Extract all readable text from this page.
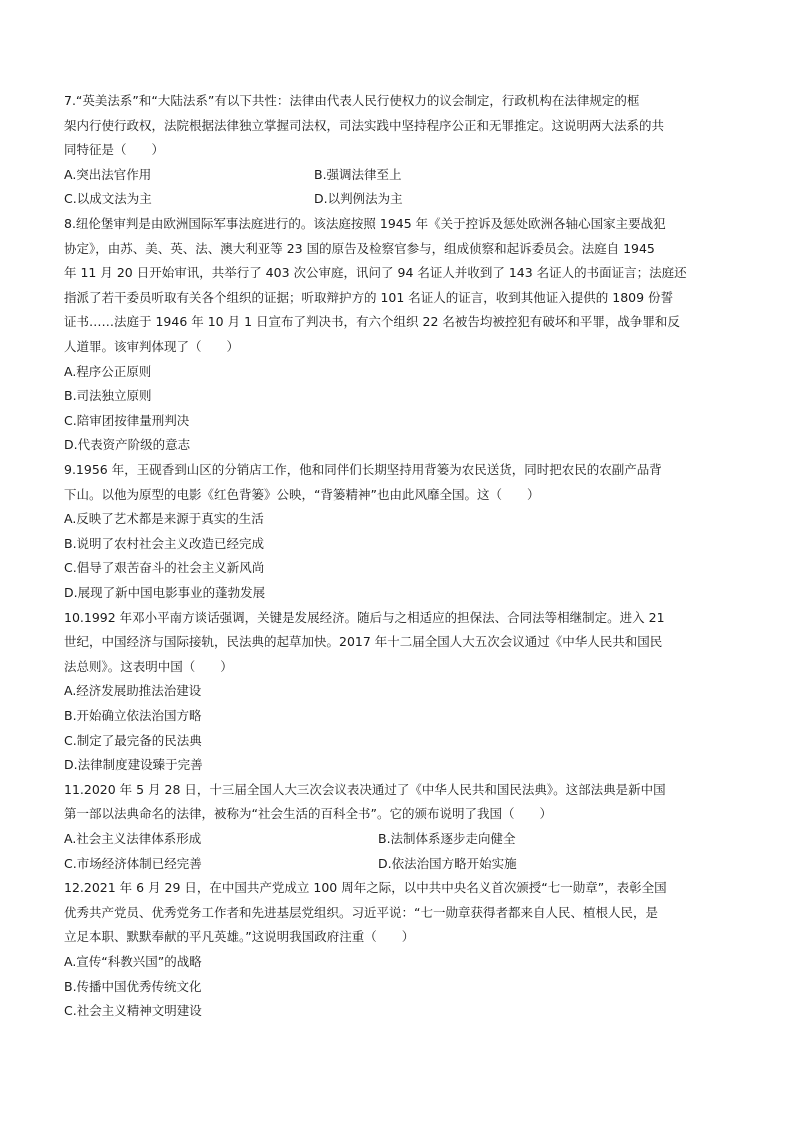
7.“英美法系”和“大陆法系”有以下共性：法律由代表人民行使权力的议会制定，行政机构在法律规定的框
架内行使行政权，法院根据法律独立掌握司法权，司法实践中坚持程序公正和无罪推定。这说明两大法系的共
同特征是（　　）
A.突出法官作用	B.强调法律至上
C.以成文法为主	D.以判例法为主
8.纽伦堡审判是由欧洲国际军事法庭进行的。该法庭按照 1945 年《关于控诉及惩处欧洲各轴心国家主要战犯
协定》，由苏、美、英、法、澳大利亚等 23 国的原告及检察官参与，组成侦察和起诉委员会。法庭自 1945
年 11 月 20 日开始审讯，共举行了 403 次公审庭，讯问了 94 名证人并收到了 143 名证人的书面证言；法庭还
指派了若干委员听取有关各个组织的证据；听取辩护方的 101 名证人的证言，收到其他证入提供的 1809 份誓
证书……法庭于 1946 年 10 月 1 日宣布了判决书，有六个组织 22 名被告均被控犯有破坏和平罪，战争罪和反
人道罪。该审判体现了（　　）
A.程序公正原则
B.司法独立原则
C.陪审团按律量刑判决
D.代表资产阶级的意志
9.1956 年，王砚香到山区的分销店工作，他和同伴们长期坚持用背篓为农民送货，同时把农民的农副产品背
下山。以他为原型的电影《红色背篓》公映，“背篓精神”也由此风靡全国。这（　　）
A.反映了艺术都是来源于真实的生活
B.说明了农村社会主义改造已经完成
C.倡导了艰苦奋斗的社会主义新风尚
D.展现了新中国电影事业的蓬勃发展
10.1992 年邓小平南方谈话强调，关键是发展经济。随后与之相适应的担保法、合同法等相继制定。进入 21
世纪，中国经济与国际接轨，民法典的起草加快。2017 年十二届全国人大五次会议通过《中华人民共和国民
法总则》。这表明中国（　　）
A.经济发展助推法治建设
B.开始确立依法治国方略
C.制定了最完备的民法典
D.法律制度建设臻于完善
11.2020 年 5 月 28 日，十三届全国人大三次会议表决通过了《中华人民共和国民法典》。这部法典是新中国
第一部以法典命名的法律，被称为“社会生活的百科全书”。它的颁布说明了我国（　　）
A.社会主义法律体系形成	B.法制体系逐步走向健全
C.市场经济体制已经完善	D.依法治国方略开始实施
12.2021 年 6 月 29 日，在中国共产党成立 100 周年之际，以中共中央名义首次颁授“七一勋章”，表彰全国
优秀共产党员、优秀党务工作者和先进基层党组织。习近平说：“七一勋章获得者都来自人民、植根人民，是
立足本职、默默奉献的平凡英雄。”这说明我国政府注重（　　）
A.宣传“科教兴国”的战略
B.传播中国优秀传统文化
C.社会主义精神文明建设
